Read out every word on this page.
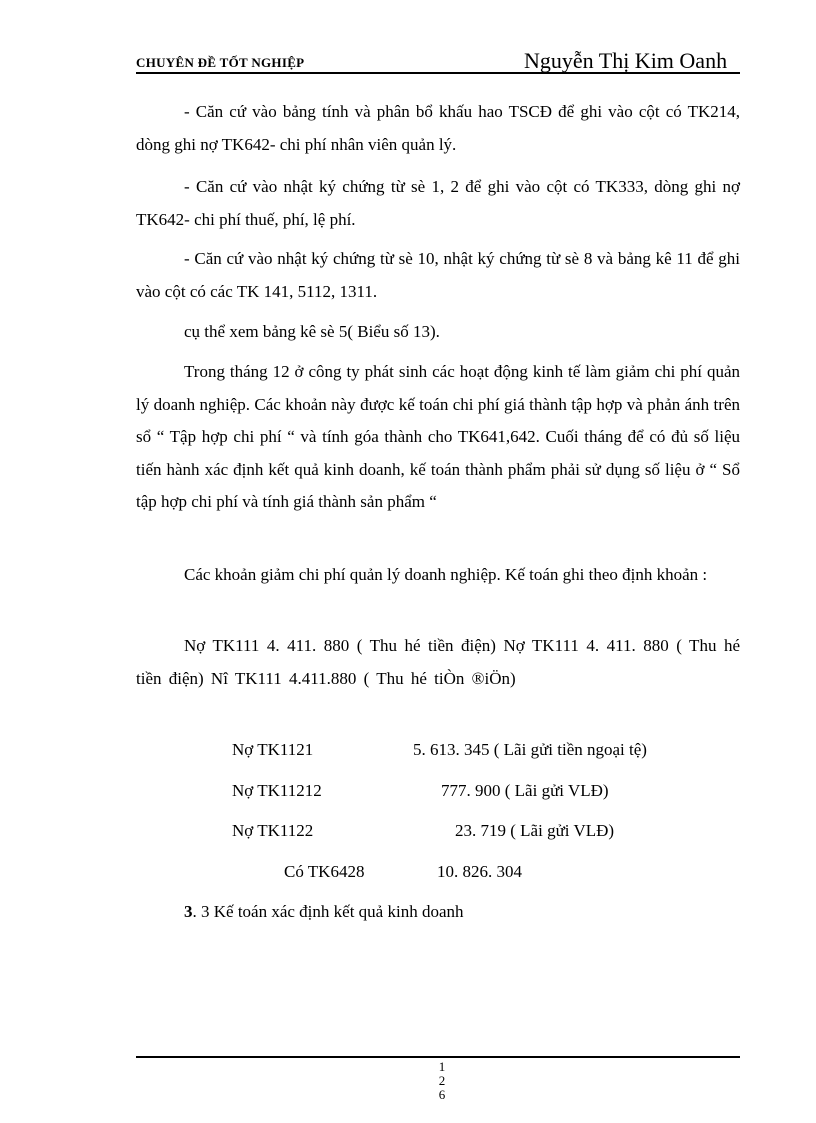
CHUYÊN ĐỀ TỐT NGHIỆP	Nguyễn Thị Kim Oanh
- Căn cứ vào bảng tính và phân bổ khấu hao TSCĐ để ghi vào cột có TK214, dòng ghi nợ TK642- chi phí nhân viên quản lý.
- Căn cứ vào nhật ký chứng từ sè 1, 2 để ghi vào cột có TK333, dòng ghi nợ TK642- chi phí thuế, phí, lệ phí.
- Căn cứ vào nhật ký chứng từ sè 10, nhật ký chứng từ sè 8 và bảng kê 11 để ghi vào cột có các TK 141, 5112, 1311.
cụ thể xem bảng kê sè 5( Biểu số 13).
Trong tháng 12 ở công ty phát sinh các hoạt động kinh tế làm giảm chi phí quản lý doanh nghiệp. Các khoản này được kế toán chi phí giá thành tập hợp và phản ánh trên sổ “ Tập hợp chi phí “ và tính góa thành cho TK641,642. Cuối tháng để có đủ số liệu tiến hành xác định kết quả kinh doanh, kế toán thành phẩm phải sử dụng số liệu ở “ Sổ tập hợp chi phí và tính giá thành sản phẩm “
Các khoản giảm chi phí quản lý doanh nghiệp. Kế toán ghi theo định khoản :
Nợ TK111 4. 411. 880 ( Thu hé tiền điện) Nợ TK111 4. 411. 880 ( Thu hé tiền điện) Nî TK111 4.411.880 ( Thu hé tiÒn ®iÖn)
Nợ TK1121	5. 613. 345 ( Lãi gửi tiền ngoại tệ)
Nợ TK11212	777. 900 ( Lãi gửi VLĐ)
Nợ TK1122	23. 719 ( Lãi gửi VLĐ)
Có TK6428	10. 826. 304
3. 3 Kế toán xác định kết quả kinh doanh
1
2
6
